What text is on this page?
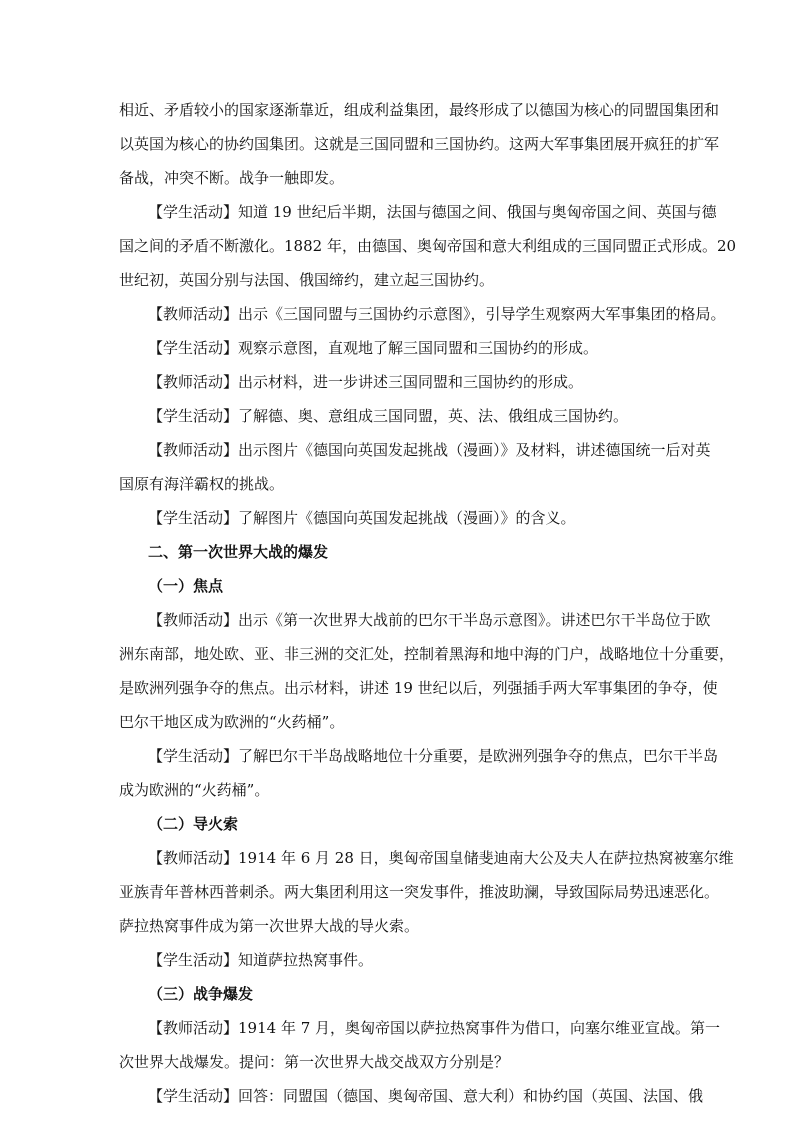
相近、矛盾较小的国家逐渐靠近，组成利益集团，最终形成了以德国为核心的同盟国集团和
以英国为核心的协约国集团。这就是三国同盟和三国协约。这两大军事集团展开疯狂的扩军
备战，冲突不断。战争一触即发。
【学生活动】知道 19 世纪后半期，法国与德国之间、俄国与奥匈帝国之间、英国与德
国之间的矛盾不断激化。1882 年，由德国、奥匈帝国和意大利组成的三国同盟正式形成。20
世纪初，英国分别与法国、俄国缔约，建立起三国协约。
【教师活动】出示《三国同盟与三国协约示意图》，引导学生观察两大军事集团的格局。
【学生活动】观察示意图，直观地了解三国同盟和三国协约的形成。
【教师活动】出示材料，进一步讲述三国同盟和三国协约的形成。
【学生活动】了解德、奥、意组成三国同盟，英、法、俄组成三国协约。
【教师活动】出示图片《德国向英国发起挑战（漫画）》及材料，讲述德国统一后对英
国原有海洋霸权的挑战。
【学生活动】了解图片《德国向英国发起挑战（漫画）》的含义。
二、第一次世界大战的爆发
（一）焦点
【教师活动】出示《第一次世界大战前的巴尔干半岛示意图》。讲述巴尔干半岛位于欧
洲东南部，地处欧、亚、非三洲的交汇处，控制着黑海和地中海的门户，战略地位十分重要，
是欧洲列强争夺的焦点。出示材料，讲述 19 世纪以后，列强插手两大军事集团的争夺，使
巴尔干地区成为欧洲的“火药桶”。
【学生活动】了解巴尔干半岛战略地位十分重要，是欧洲列强争夺的焦点，巴尔干半岛
成为欧洲的“火药桶”。
（二）导火索
【教师活动】1914 年 6 月 28 日，奥匈帝国皇储斐迪南大公及夫人在萨拉热窝被塞尔维
亚族青年普林西普刺杀。两大集团利用这一突发事件，推波助澜，导致国际局势迅速恶化。
萨拉热窝事件成为第一次世界大战的导火索。
【学生活动】知道萨拉热窝事件。
（三）战争爆发
【教师活动】1914 年 7 月，奥匈帝国以萨拉热窝事件为借口，向塞尔维亚宣战。第一
次世界大战爆发。提问：第一次世界大战交战双方分别是？
【学生活动】回答：同盟国（德国、奥匈帝国、意大利）和协约国（英国、法国、俄
